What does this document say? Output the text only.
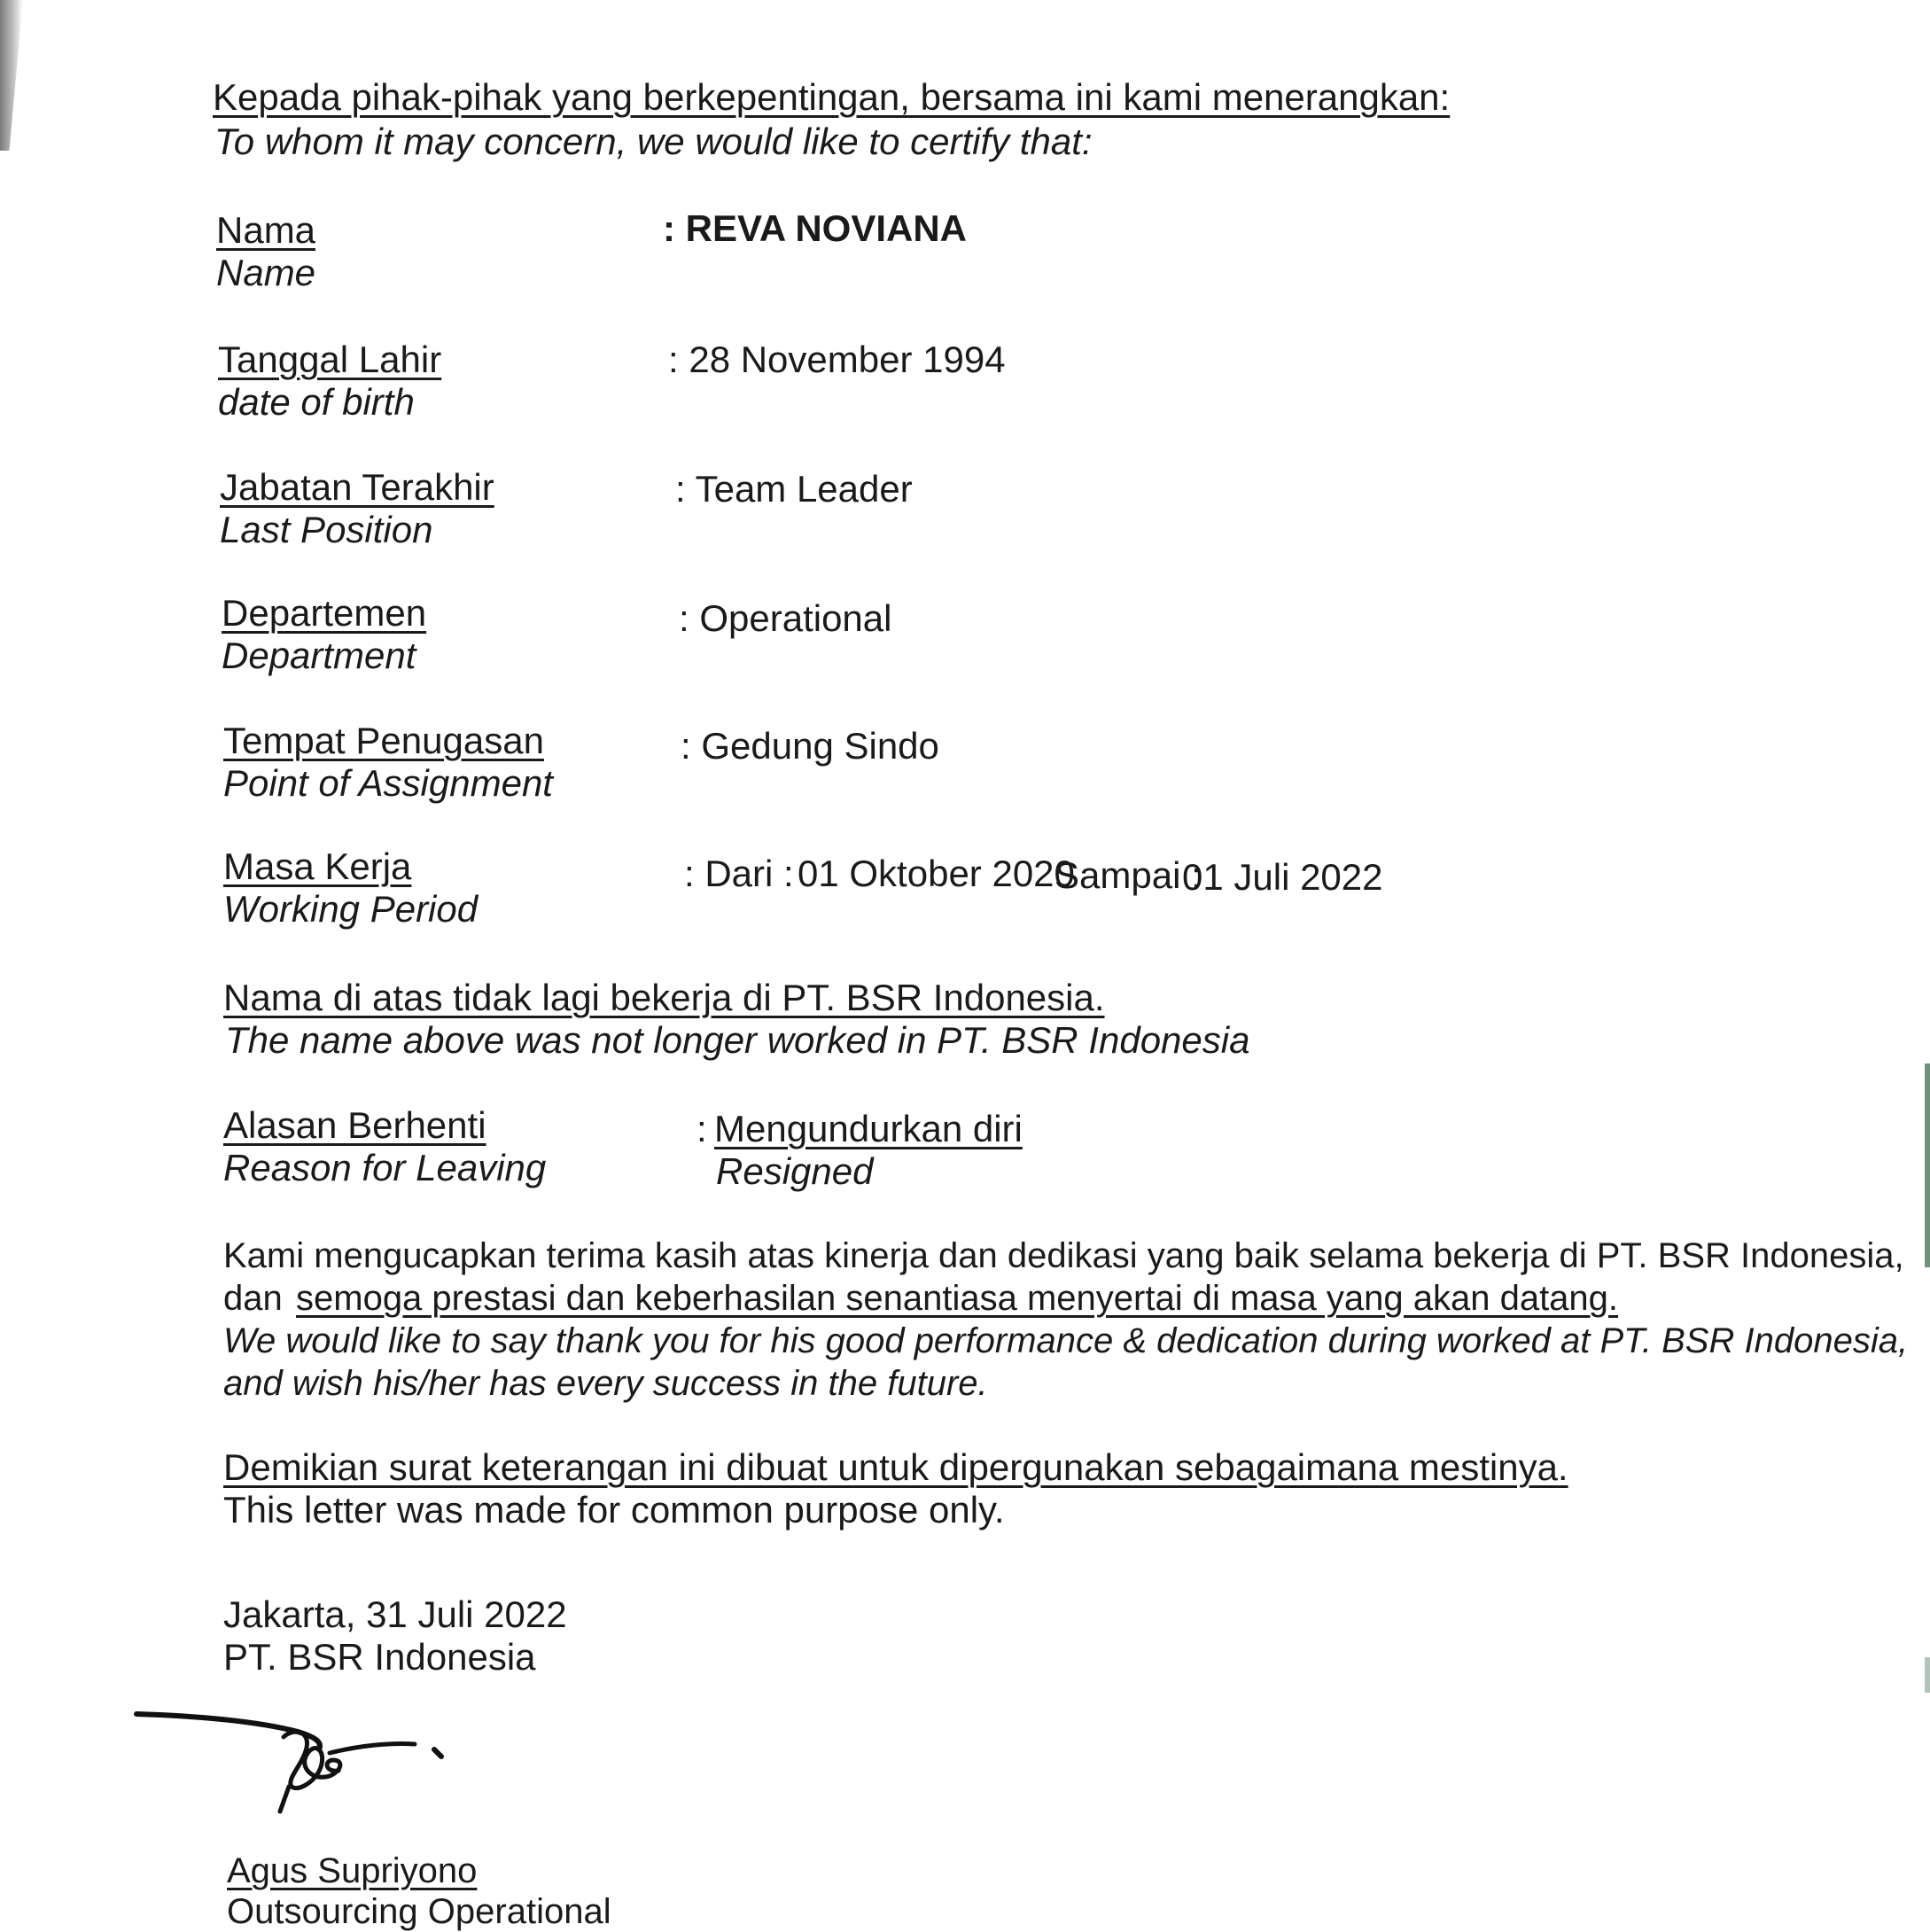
Kepada pihak-pihak yang berkepentingan, bersama ini kami menerangkan:
To whom it may concern, we would like to certify that:
Nama
Name
: REVA NOVIANA
Tanggal Lahir
date of birth
: 28 November 1994
Jabatan Terakhir
Last Position
: Team Leader
Departemen
Department
: Operational
Tempat Penugasan
Point of Assignment
: Gedung Sindo
Masa Kerja
Working Period
: Dari : 01 Oktober 2020
Sampai :
01 Juli 2022
Nama di atas tidak lagi bekerja di PT. BSR Indonesia.
The name above was not longer worked in PT. BSR Indonesia
Alasan Berhenti
Reason for Leaving
: Mengundurkan diri
Resigned
Kami mengucapkan terima kasih atas kinerja dan dedikasi yang baik selama bekerja di PT. BSR Indonesia,
dan semoga prestasi dan keberhasilan senantiasa menyertai di masa yang akan datang.
We would like to say thank you for his good performance & dedication during worked at PT. BSR Indonesia,
and wish his/her has every success in the future.
Demikian surat keterangan ini dibuat untuk dipergunakan sebagaimana mestinya.
This letter was made for common purpose only.
Jakarta, 31 Juli 2022
PT. BSR Indonesia
Agus Supriyono
Outsourcing Operational
